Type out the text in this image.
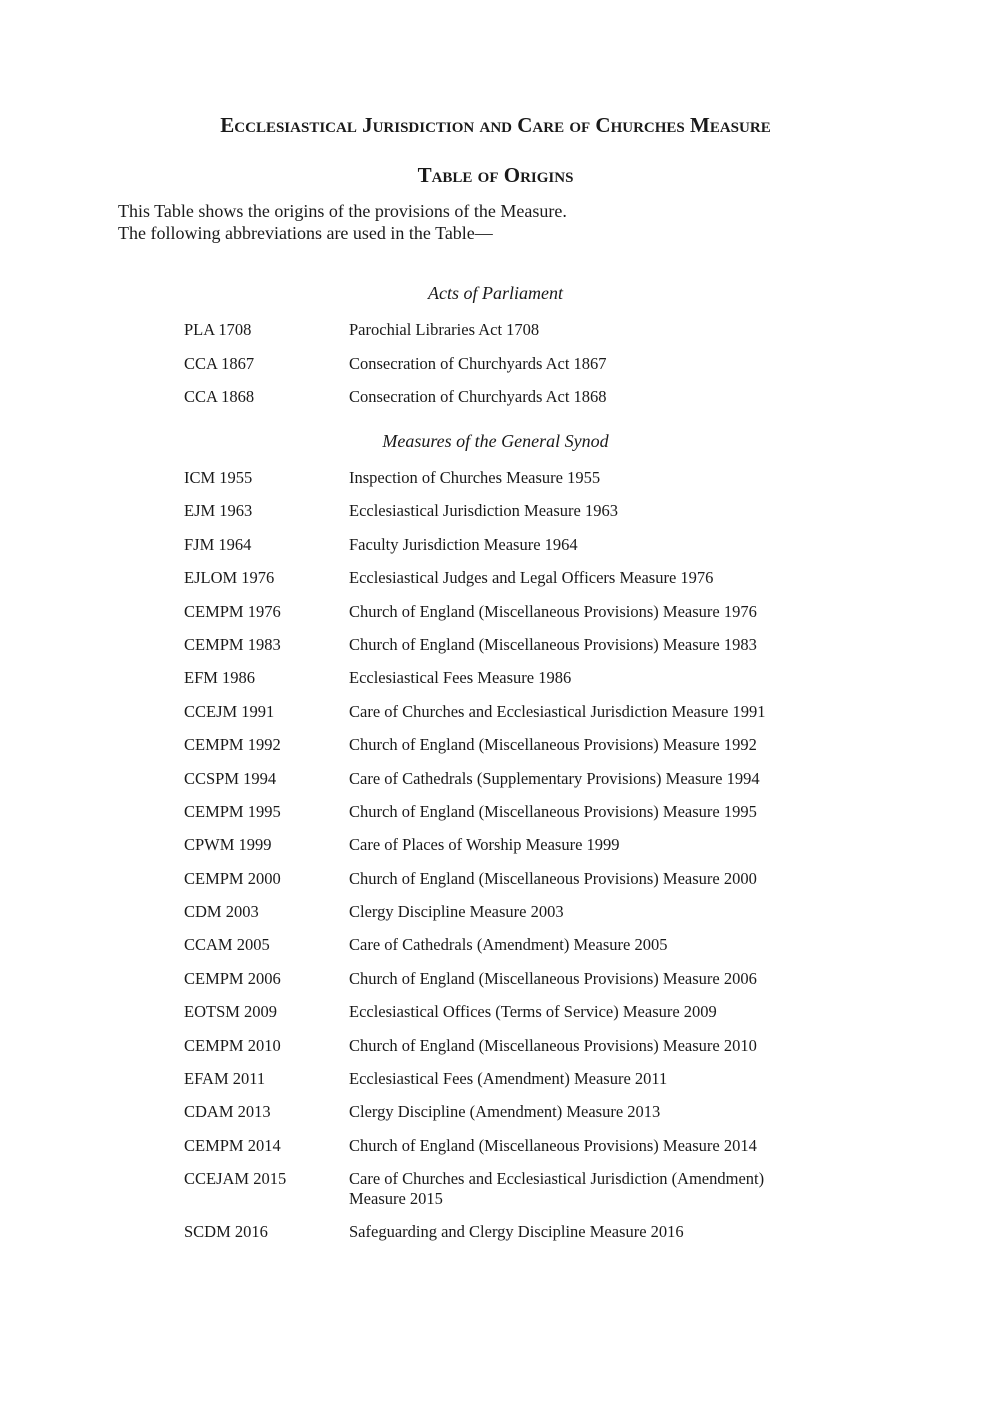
Ecclesiastical Jurisdiction and Care of Churches Measure
Table of Origins

This Table shows the origins of the provisions of the Measure.

The following abbreviations are used in the Table—

Acts of Parliament
PLA 1708	Parochial Libraries Act 1708
CCA 1867	Consecration of Churchyards Act 1867
CCA 1868	Consecration of Churchyards Act 1868
Measures of the General Synod
ICM 1955	Inspection of Churches Measure 1955
EJM 1963	Ecclesiastical Jurisdiction Measure 1963
FJM 1964	Faculty Jurisdiction Measure 1964
EJLOM 1976	Ecclesiastical Judges and Legal Officers Measure 1976
CEMPM 1976	Church of England (Miscellaneous Provisions) Measure 1976
CEMPM 1983	Church of England (Miscellaneous Provisions) Measure 1983
EFM 1986	Ecclesiastical Fees Measure 1986
CCEJM 1991	Care of Churches and Ecclesiastical Jurisdiction Measure 1991
CEMPM 1992	Church of England (Miscellaneous Provisions) Measure 1992
CCSPM 1994	Care of Cathedrals (Supplementary Provisions) Measure 1994
CEMPM 1995	Church of England (Miscellaneous Provisions) Measure 1995
CPWM 1999	Care of Places of Worship Measure 1999
CEMPM 2000	Church of England (Miscellaneous Provisions) Measure 2000
CDM 2003	Clergy Discipline Measure 2003
CCAM 2005	Care of Cathedrals (Amendment) Measure 2005
CEMPM 2006	Church of England (Miscellaneous Provisions) Measure 2006
EOTSM 2009	Ecclesiastical Offices (Terms of Service) Measure 2009
CEMPM 2010	Church of England (Miscellaneous Provisions) Measure 2010
EFAM 2011	Ecclesiastical Fees (Amendment) Measure 2011
CDAM 2013	Clergy Discipline (Amendment) Measure 2013
CEMPM 2014	Church of England (Miscellaneous Provisions) Measure 2014
CCEJAM 2015	Care of Churches and Ecclesiastical Jurisdiction (Amendment) Measure 2015
SCDM 2016	Safeguarding and Clergy Discipline Measure 2016
